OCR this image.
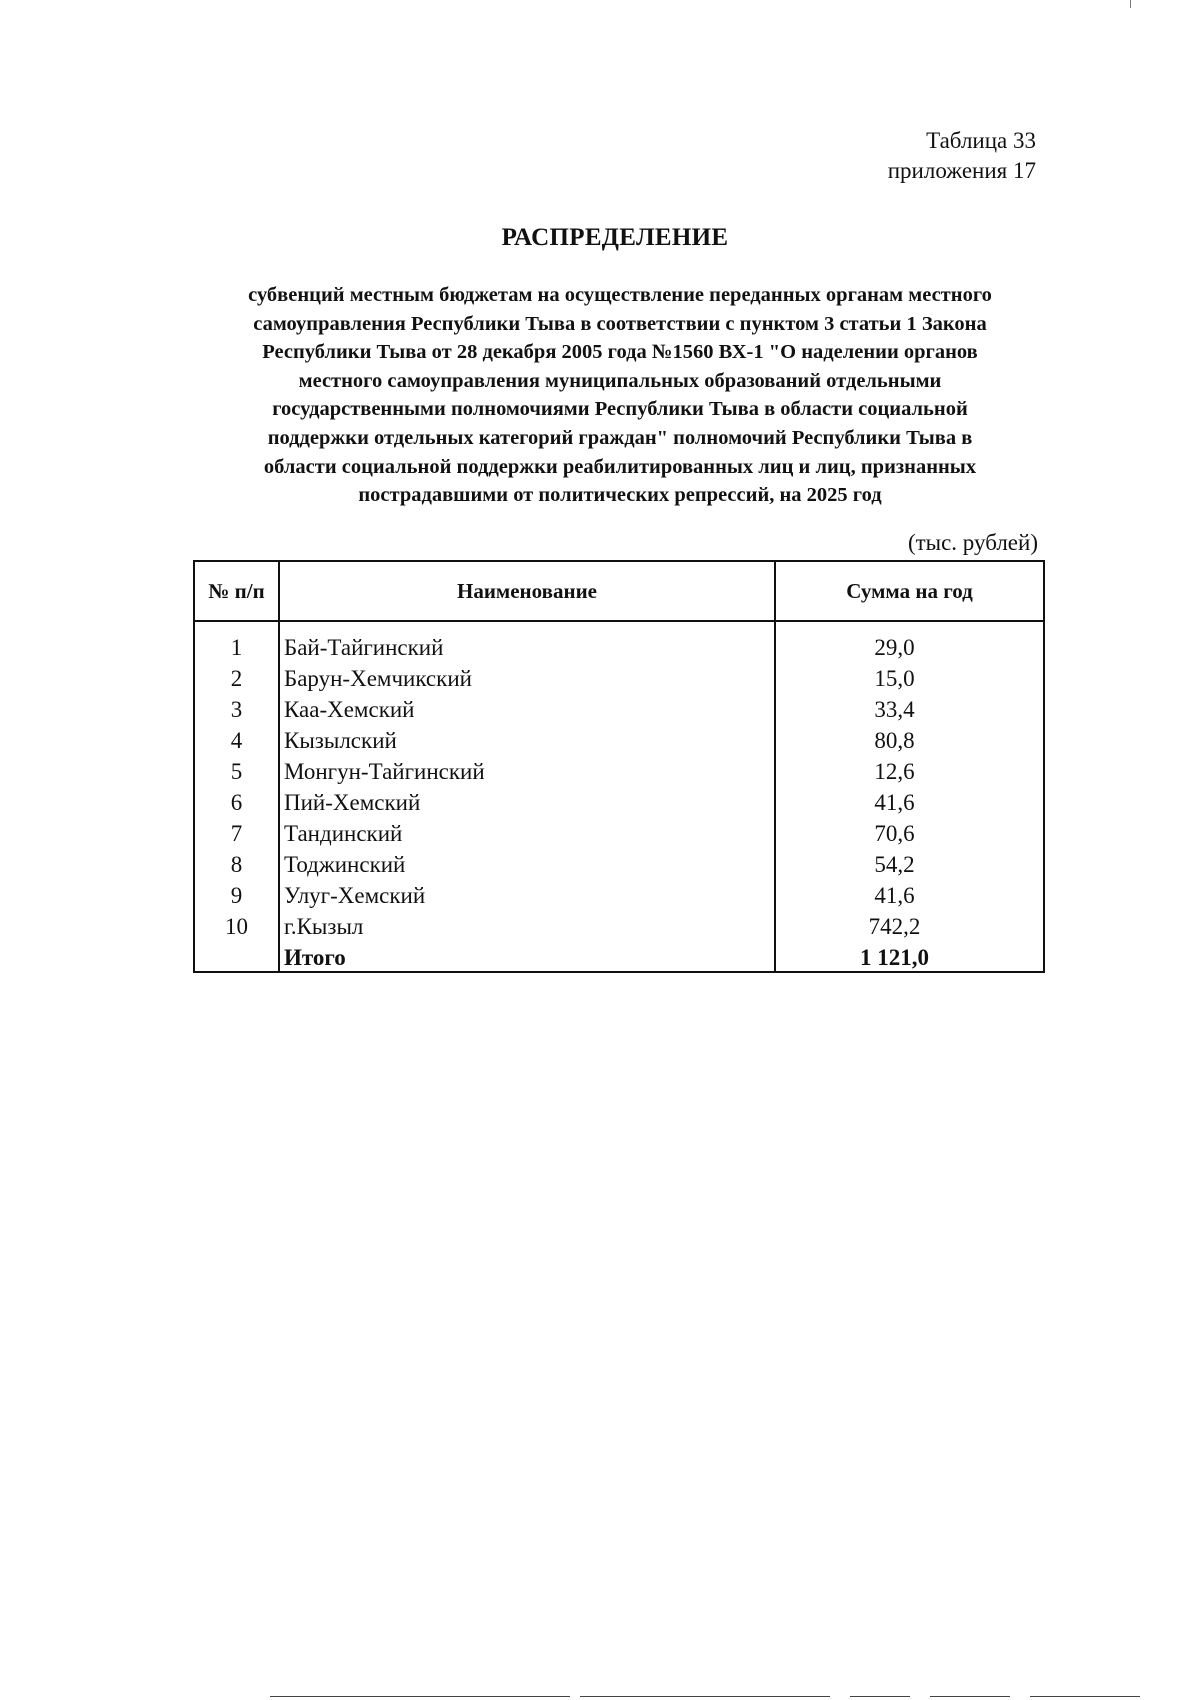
Таблица 33
приложения 17
РАСПРЕДЕЛЕНИЕ
субвенций местным бюджетам на осуществление переданных органам местного
самоуправления Республики Тыва в соответствии с пунктом 3 статьи 1 Закона
Республики Тыва от 28 декабря 2005 года №1560 ВХ-1 "О наделении органов
местного самоуправления муниципальных образований отдельными
государственными полномочиями Республики Тыва в области социальной
поддержки отдельных категорий граждан" полномочий Республики Тыва в
области социальной поддержки реабилитированных лиц и лиц, признанных
пострадавшими от политических репрессий, на 2025 год
(тыс. рублей)
№ п/п	Наименование	Сумма на год
1	Бай-Тайгинский	29,0
2	Барун-Хемчикский	15,0
3	Каа-Хемский	33,4
4	Кызылский	80,8
5	Монгун-Тайгинский	12,6
6	Пий-Хемский	41,6
7	Тандинский	70,6
8	Тоджинский	54,2
9	Улуг-Хемский	41,6
10	г.Кызыл	742,2
	Итого	1 121,0
